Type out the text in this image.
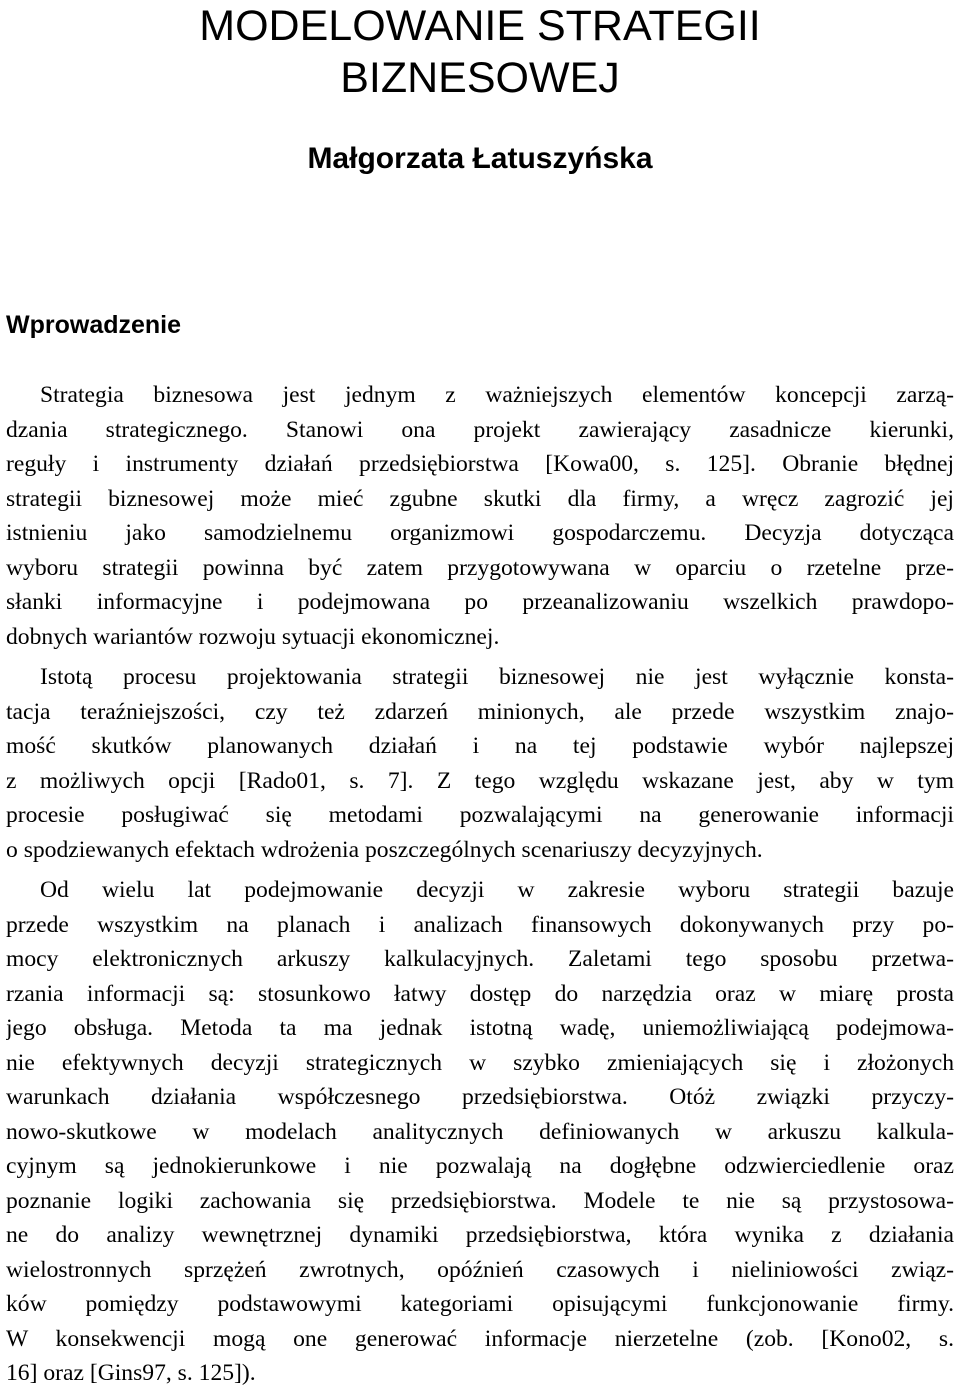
MODELOWANIE STRATEGII
BIZNESOWEJ
Małgorzata Łatuszyńska
Wprowadzenie
Strategia biznesowa jest jednym z ważniejszych elementów koncepcji zarzą-
dzania strategicznego. Stanowi ona projekt zawierający zasadnicze kierunki,
reguły i instrumenty działań przedsiębiorstwa [Kowa00, s. 125]. Obranie błędnej
strategii biznesowej może mieć zgubne skutki dla firmy, a wręcz zagrozić jej
istnieniu jako samodzielnemu organizmowi gospodarczemu. Decyzja dotycząca
wyboru strategii powinna być zatem przygotowywana w oparciu o rzetelne prze-
słanki informacyjne i podejmowana po przeanalizowaniu wszelkich prawdopo-
dobnych wariantów rozwoju sytuacji ekonomicznej.
Istotą procesu projektowania strategii biznesowej nie jest wyłącznie konsta-
tacja teraźniejszości, czy też zdarzeń minionych, ale przede wszystkim znajo-
mość skutków planowanych działań i na tej podstawie wybór najlepszej
z możliwych opcji [Rado01, s. 7]. Z tego względu wskazane jest, aby w tym
procesie posługiwać się metodami pozwalającymi na generowanie informacji
o spodziewanych efektach wdrożenia poszczególnych scenariuszy decyzyjnych.
Od wielu lat podejmowanie decyzji w zakresie wyboru strategii bazuje
przede wszystkim na planach i analizach finansowych dokonywanych przy po-
mocy elektronicznych arkuszy kalkulacyjnych. Zaletami tego sposobu przetwa-
rzania informacji są: stosunkowo łatwy dostęp do narzędzia oraz w miarę prosta
jego obsługa. Metoda ta ma jednak istotną wadę, uniemożliwiającą podejmowa-
nie efektywnych decyzji strategicznych w szybko zmieniających się i złożonych
warunkach działania współczesnego przedsiębiorstwa. Otóż związki przyczy-
nowo-skutkowe w modelach analitycznych definiowanych w arkuszu kalkula-
cyjnym są jednokierunkowe i nie pozwalają na dogłębne odzwierciedlenie oraz
poznanie logiki zachowania się przedsiębiorstwa. Modele te nie są przystosowa-
ne do analizy wewnętrznej dynamiki przedsiębiorstwa, która wynika z działania
wielostronnych sprzężeń zwrotnych, opóźnień czasowych i nieliniowości związ-
ków pomiędzy podstawowymi kategoriami opisującymi funkcjonowanie firmy.
W konsekwencji mogą one generować informacje nierzetelne (zob. [Kono02, s.
16] oraz [Gins97, s. 125]).
